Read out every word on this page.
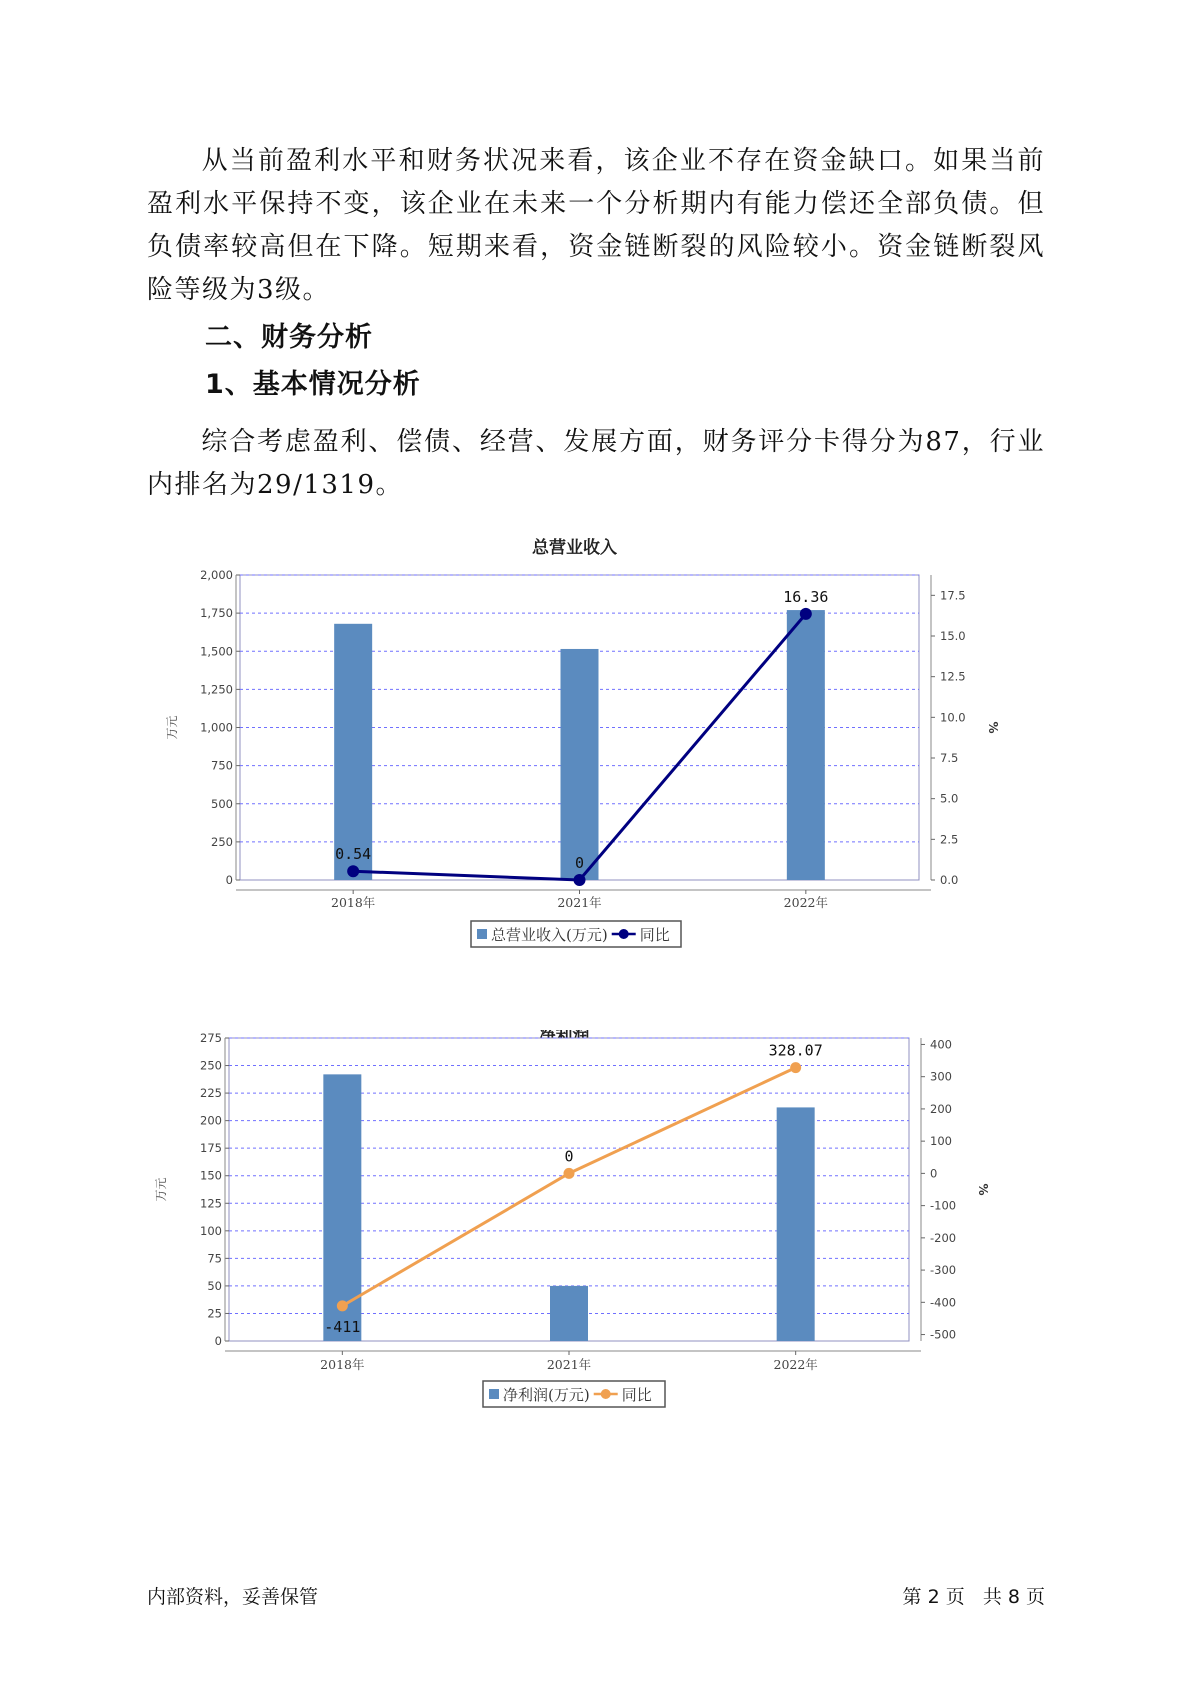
从当前盈利水平和财务状况来看，该企业不存在资金缺口。如果当前盈利水平保持不变，该企业在未来一个分析期内有能力偿还全部负债。但负债率较高但在下降。短期来看，资金链断裂的风险较小。资金链断裂风险等级为3级。

二、财务分析
1、基本情况分析

综合考虑盈利、偿债、经营、发展方面，财务评分卡得分为87，行业内排名为29/1319。

总营业收入
0
250
500
750
1,000
1,250
1,500
1,750
2,000
0.0
2.5
5.0
7.5
10.0
12.5
15.0
17.5
万元	%
2018年	2021年	2022年
0.54	0
16.36
总营业收入(万元) 同比
0
25
50
75
100
125
150
175
200
225
250
275
-500
-400
-300
-200
-100
0
100
200
300
400
万元	%
2018年	2021年	2022年
-411
0
328.07
净利润(万元) 同比
内部资料，妥善保管	第 2 页   共 8 页
